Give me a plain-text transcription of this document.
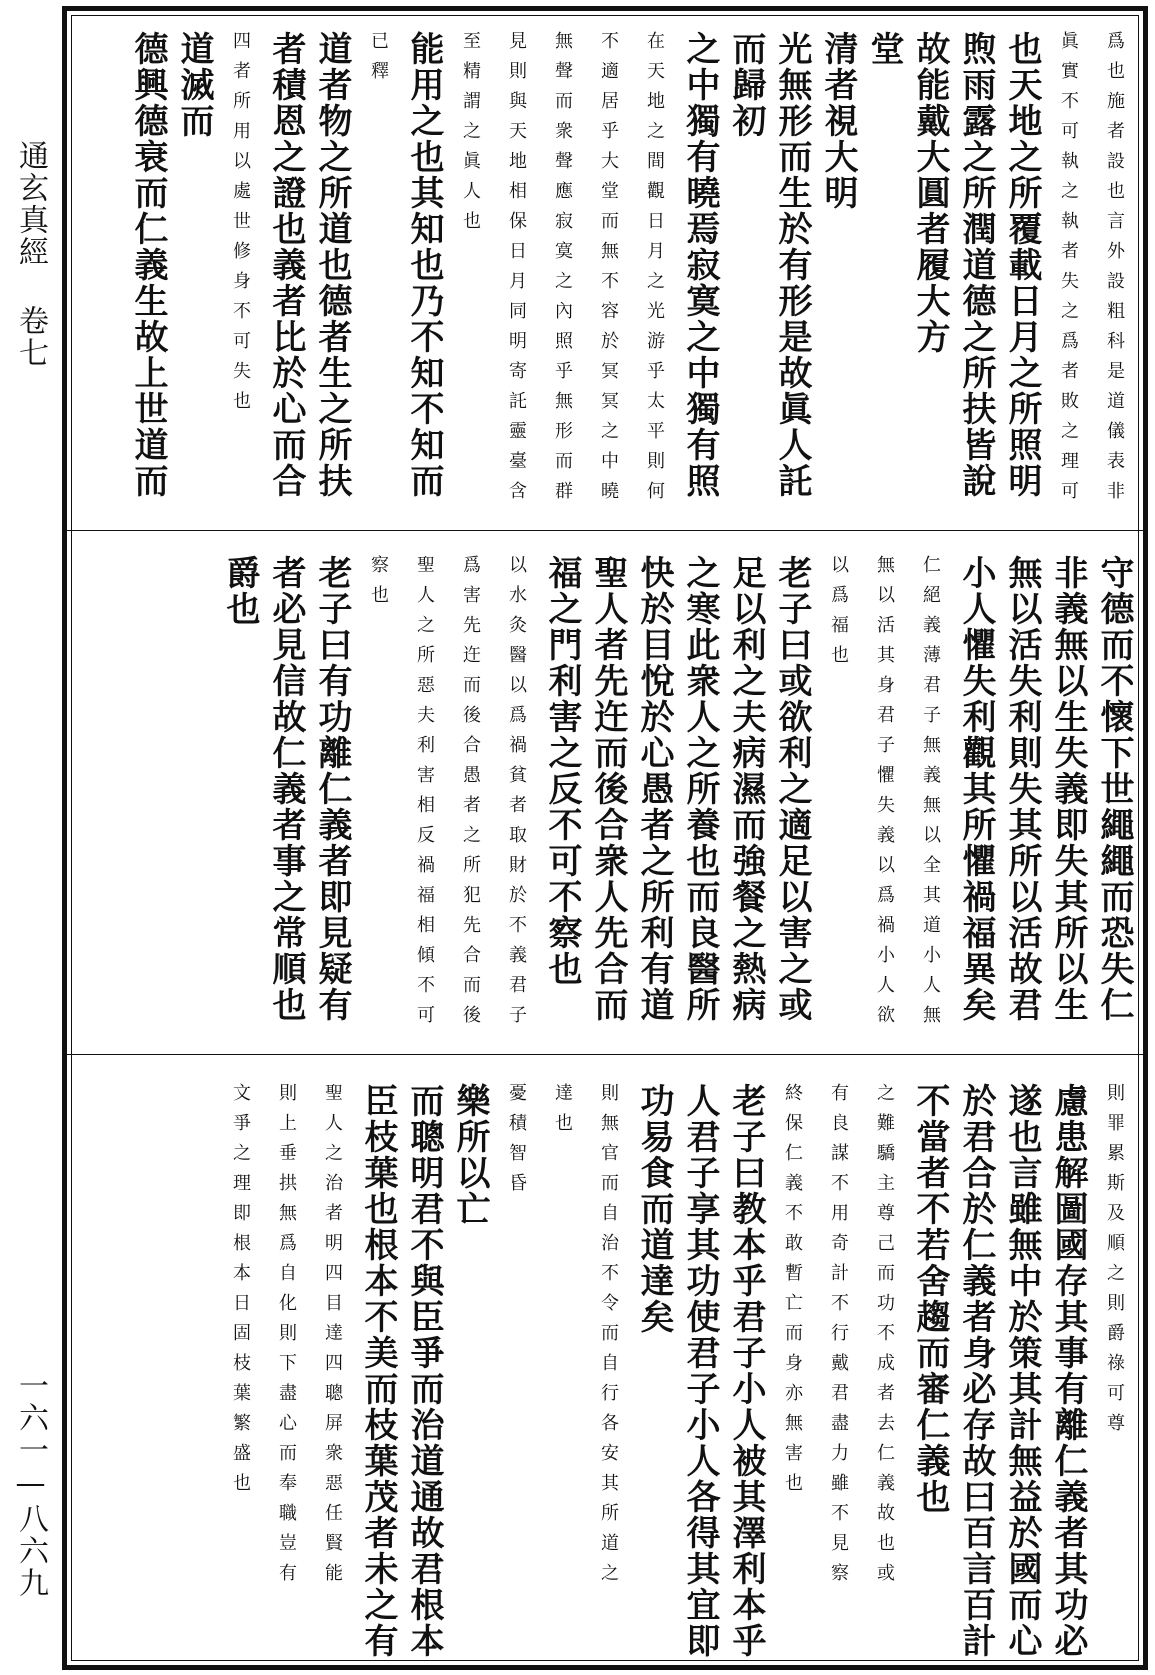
通玄真經 卷七
一六一—八六九
爲也施者設也言外設粗科是道儀表非
眞實不可執之執者失之爲者敗之理可
也天地之所覆載日月之所照明
煦雨露之所潤道德之所扶皆說
故能戴大圓者履大方
堂
清者視大明
光無形而生於有形是故眞人託
而歸初
之中獨有曉焉寂寞之中獨有照
在天地之間觀日月之光游乎太平則何
不適居乎大堂而無不容於冥冥之中曉
無聲而衆聲應寂寞之內照乎無形而群
見則與天地相保日月同明寄託靈臺含
至精謂之眞人也
能用之也其知也乃不知不知而
已釋
道者物之所道也德者生之所扶
者積恩之證也義者比於心而合
四者所用以處世修身不可失也
道滅而
德興德衰而仁義生故上世道而
守德而不懷下世繩繩而恐失仁
非義無以生失義即失其所以生
無以活失利則失其所以活故君
小人懼失利觀其所懼禍福異矣
仁絕義薄君子無義無以全其道小人無
無以活其身君子懼失義以爲禍小人欲
以爲福也
老子曰或欲利之適足以害之或
足以利之夫病濕而強餐之熱病
之寒此衆人之所養也而良醫所
快於目悅於心愚者之所利有道
聖人者先迕而後合衆人先合而
福之門利害之反不可不察也
以水灸醫以爲禍貧者取財於不義君子
爲害先迕而後合愚者之所犯先合而後
聖人之所惡夫利害相反禍福相傾不可
察也
老子曰有功離仁義者即見疑有
者必見信故仁義者事之常順也
爵也
則罪累斯及順之則爵祿可尊
慮患解圖國存其事有離仁義者其功必
遂也言雖無中於策其計無益於國而心
於君合於仁義者身必存故曰百言百計
不當者不若舍趨而審仁義也
之難驕主尊己而功不成者去仁義故也或
有良謀不用奇計不行戴君盡力雖不見察
終保仁義不敢暫亡而身亦無害也
老子曰教本乎君子小人被其澤利本乎
人君子享其功使君子小人各得其宜即
功易食而道達矣
則無官而自治不令而自行各安其所道之
達也
憂積智昏
樂所以亡
而聰明君不與臣爭而治道通故君根本
臣枝葉也根本不美而枝葉茂者未之有
聖人之治者明四目達四聰屏衆惡任賢能
則上垂拱無爲自化則下盡心而奉職豈有
文爭之理即根本日固枝葉繁盛也
